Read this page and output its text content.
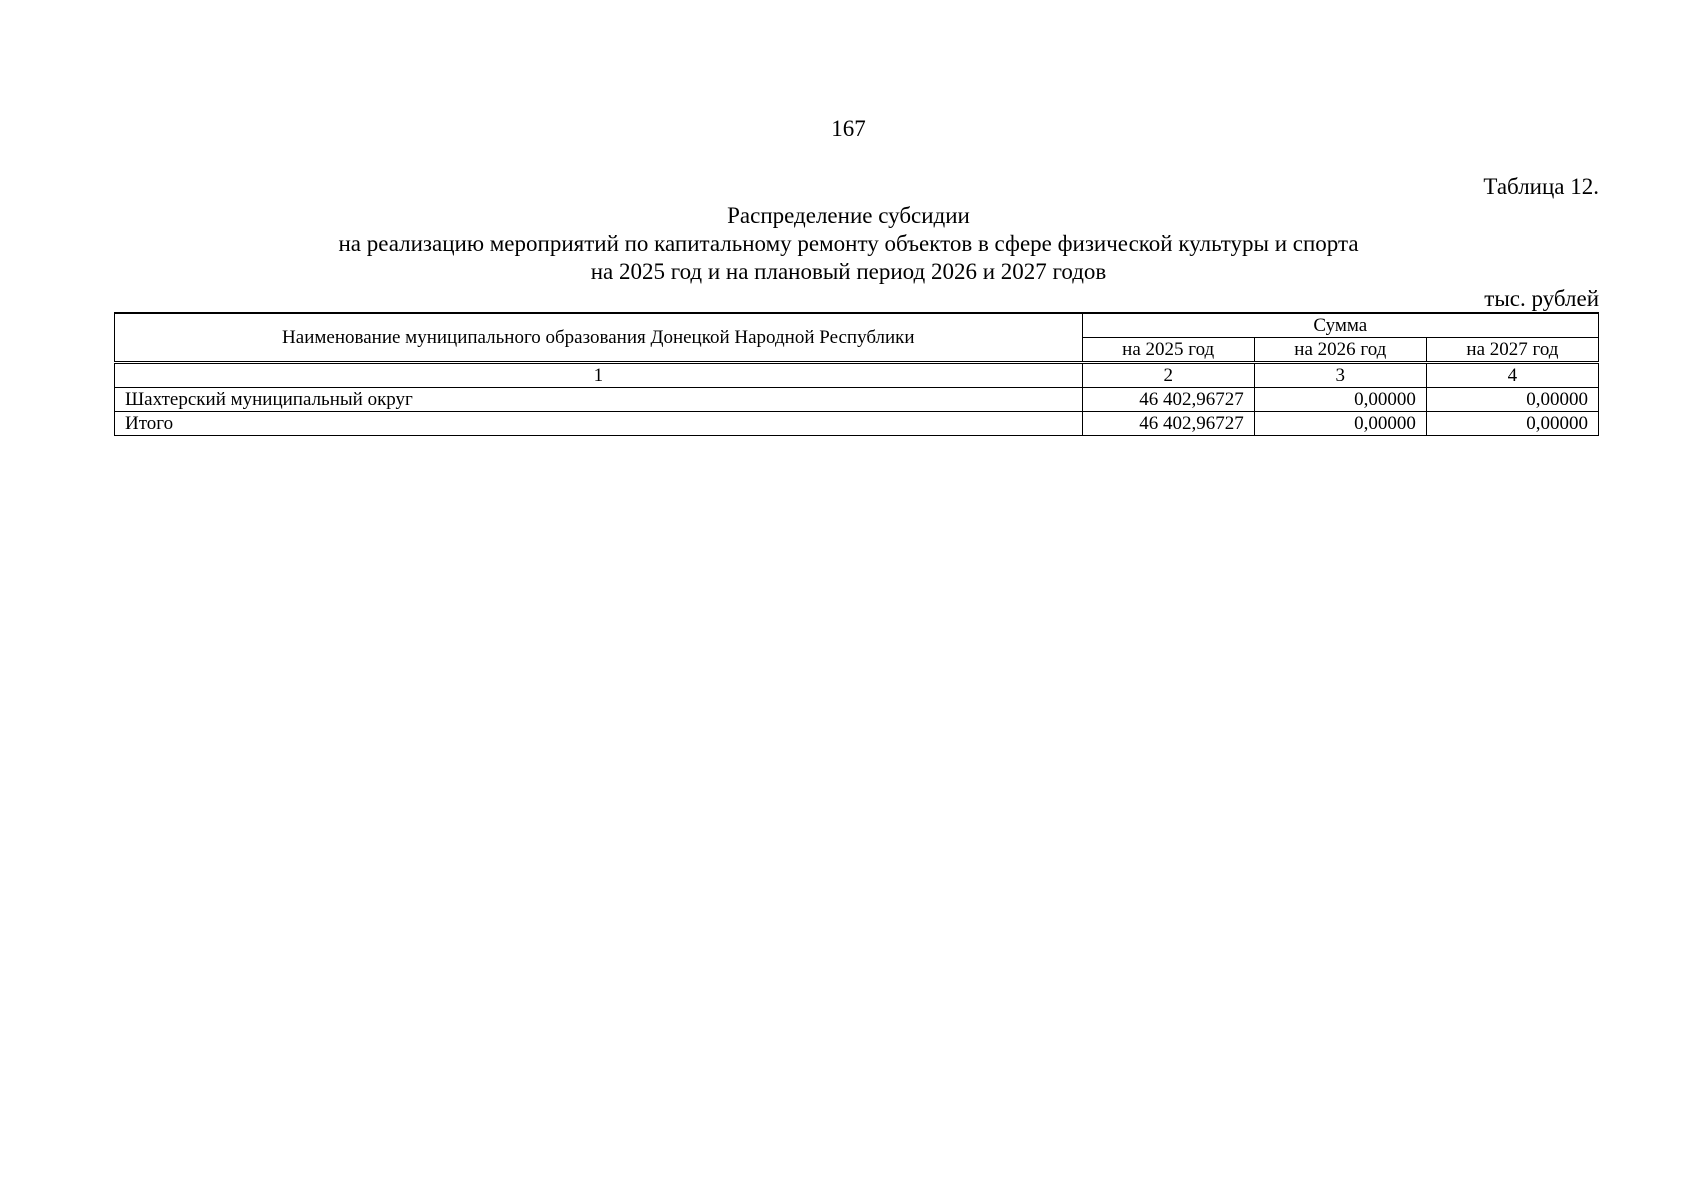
167
Таблица 12.
Распределение субсидии
на реализацию мероприятий по капитальному ремонту объектов в сфере физической культуры и спорта
на 2025 год и на плановый период 2026 и 2027 годов
тыс. рублей
Наименование муниципального образования Донецкой Народной Республики	Сумма		
	на 2025 год	на 2026 год	на 2027 год
1	2	3	4
Шахтерский муниципальный округ	46 402,96727	0,00000	0,00000
Итого	46 402,96727	0,00000	0,00000
